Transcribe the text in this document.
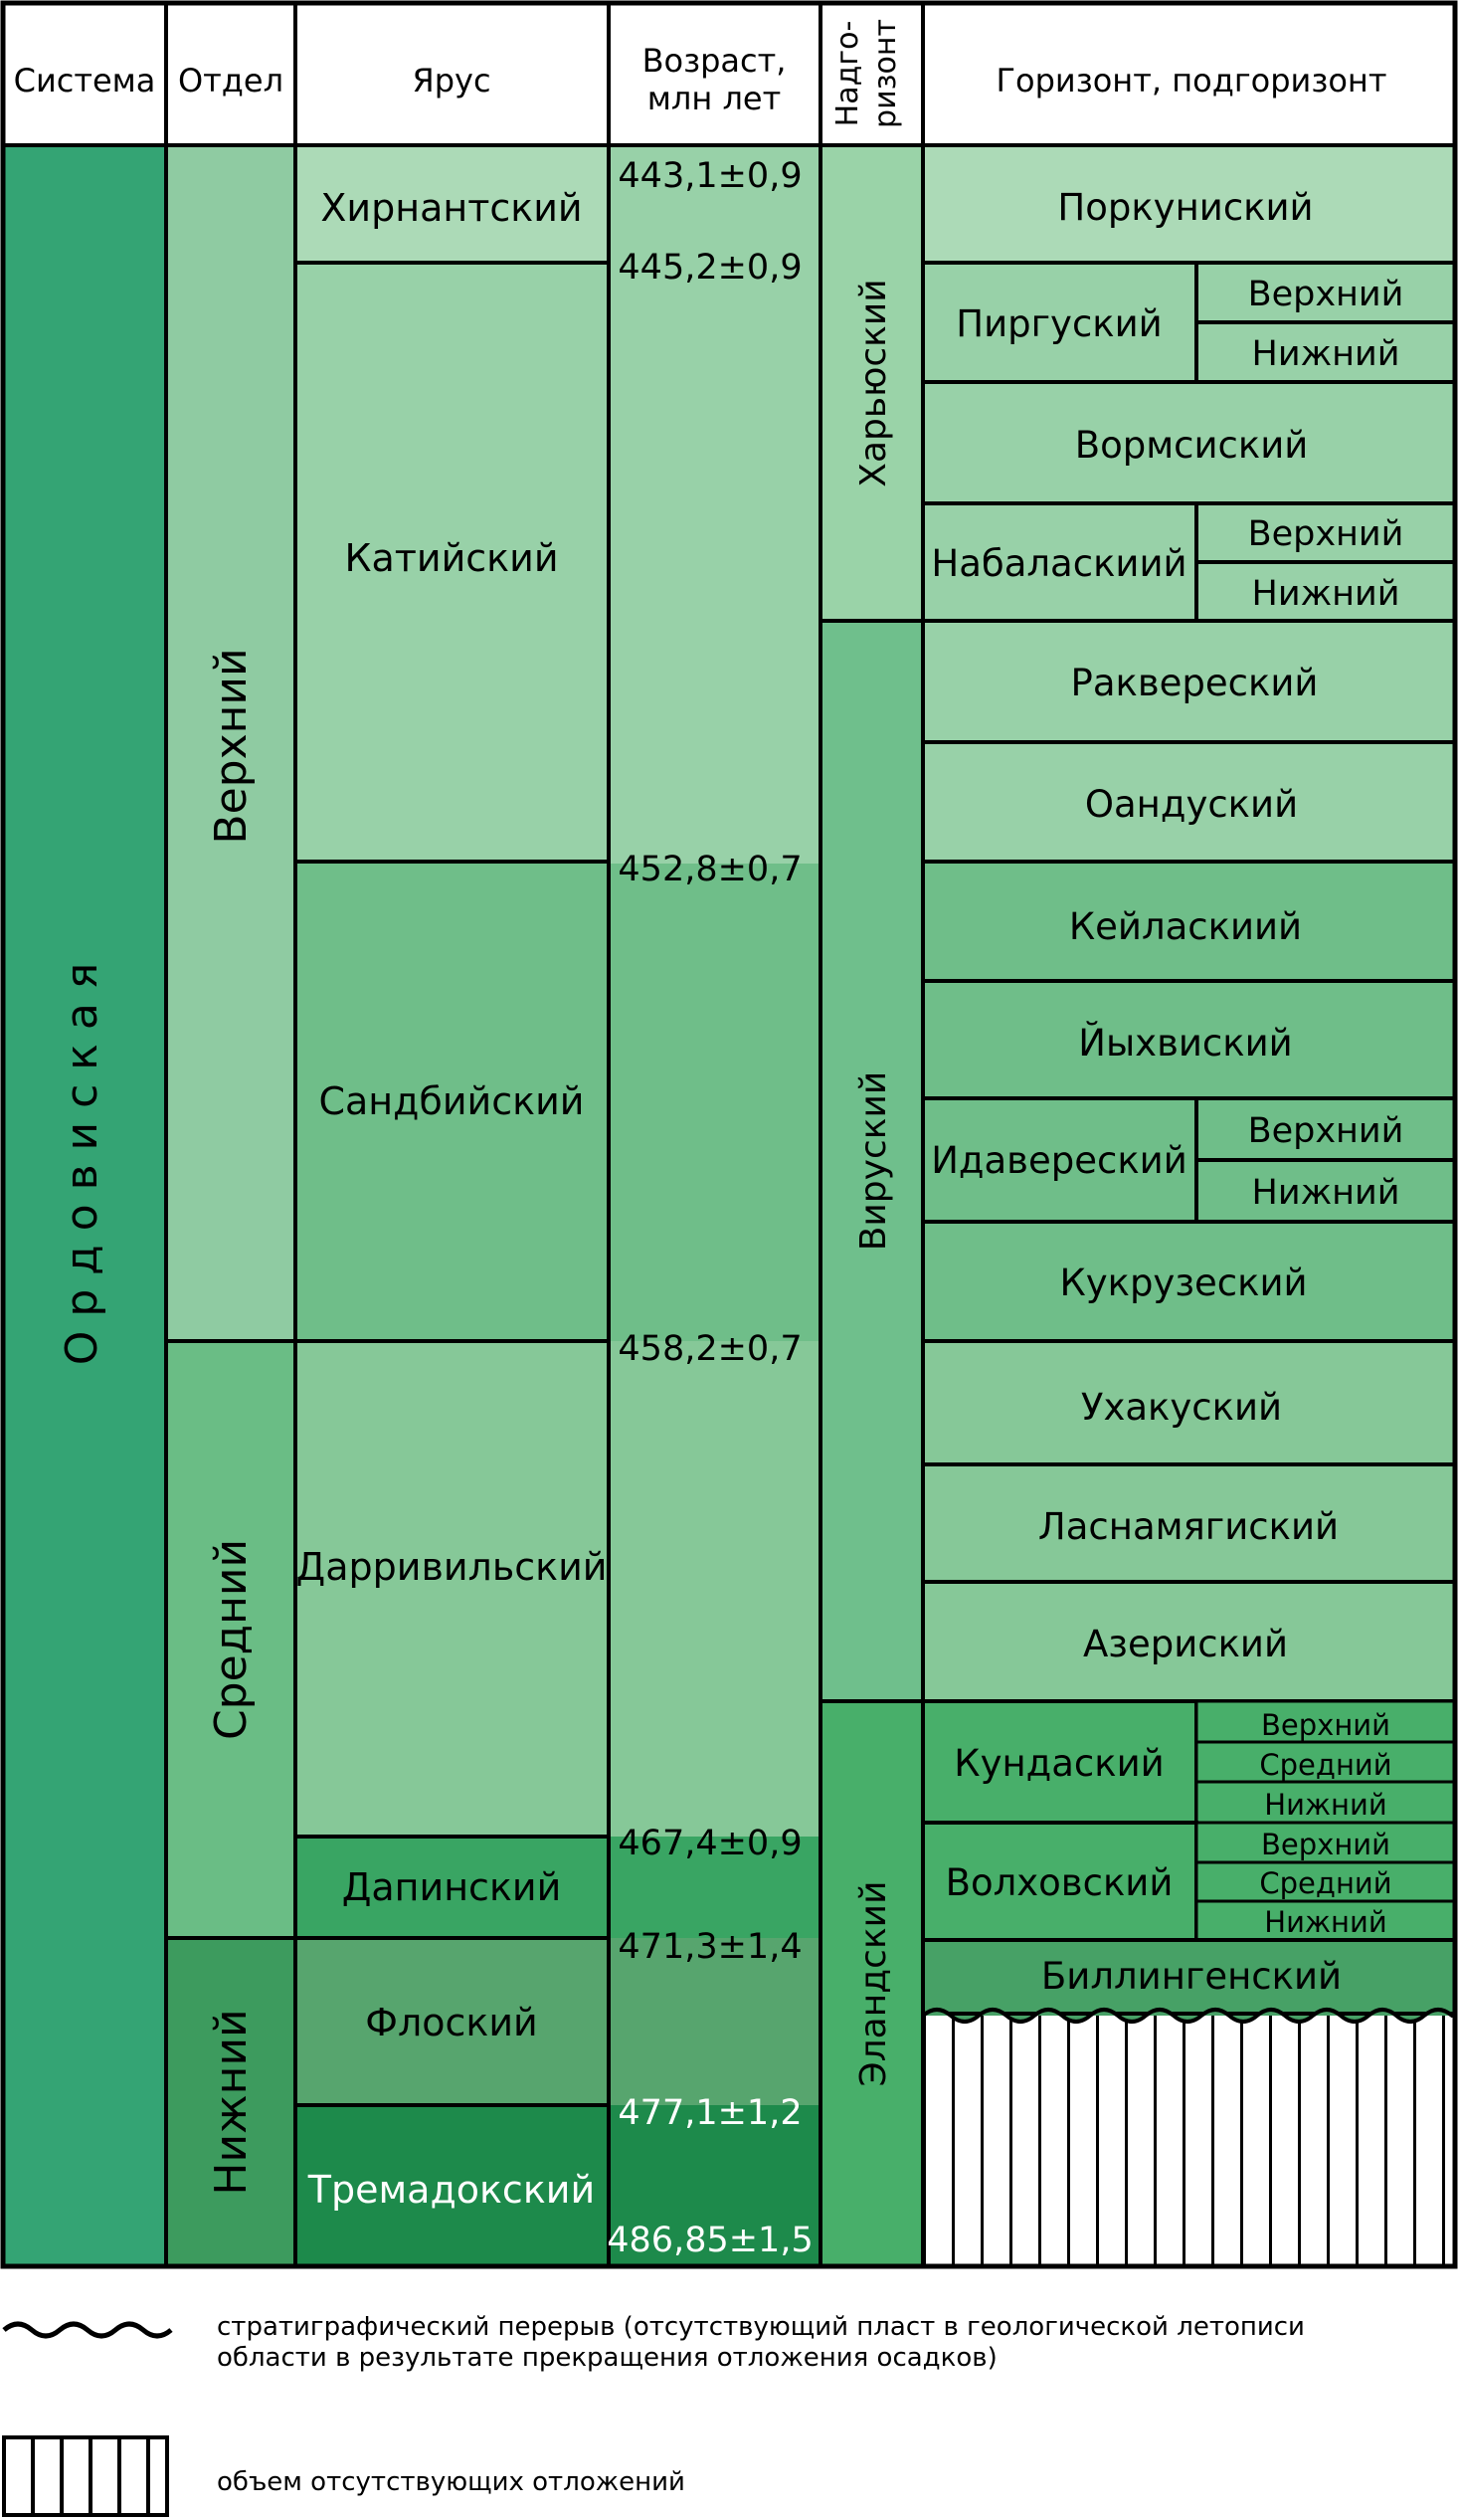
Система Отдел	Ярус
Возраст,
млн лет Надго- ризонт	Горизонт, подгоризонт
О р д о в и с к а я
Верхний
Средний
Нижний
Хирнантский
Катийский
Сандбийский
Дарривильский
Дапинский
Флоский
Тремадокский
443,1±0,9
445,2±0,9
452,8±0,7
458,2±0,7
467,4±0,9
471,3±1,4
477,1±1,2
486,85±1,5
Харьюский
Вируский
Эландский
Поркуниский
Пиргуский
Верхний
Нижний
Вормсиский
Набаласкиий
Верхний
Нижний
Раквереский
Оандуский
Кейласкиий
Йыхвиский
Идавереский
Верхний
Нижний
Кукрузеский
Ухакуский
Ласнамягиский
Азериский
Кундаский
Верхний
Средний
Нижний
Волховский
Верхний
Средний
Нижний
Биллингенский
стратиграфический перерыв (отсутствующий пласт в геологической летописи
области в результате прекращения отложения осадков)
объем отсутствующих отложений
